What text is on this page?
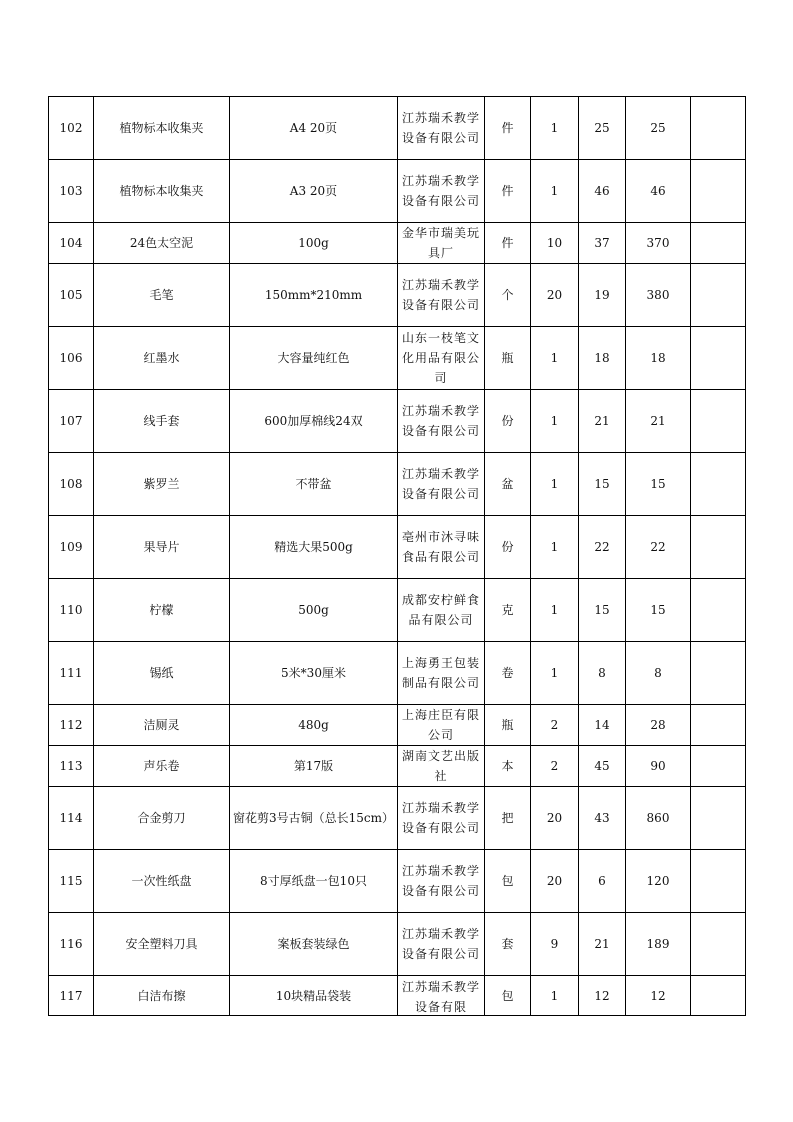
102	植物标本收集夹	A4 20页	江苏瑞禾教学设备有限公司	件	1	25	25	
103	植物标本收集夹	A3 20页	江苏瑞禾教学设备有限公司	件	1	46	46	
104	24色太空泥	100g	金华市瑞美玩具厂	件	10	37	370	
105	毛笔	150mm*210mm	江苏瑞禾教学设备有限公司	个	20	19	380	
106	红墨水	大容量纯红色	山东一枝笔文化用品有限公司	瓶	1	18	18	
107	线手套	600加厚棉线24双	江苏瑞禾教学设备有限公司	份	1	21	21	
108	紫罗兰	不带盆	江苏瑞禾教学设备有限公司	盆	1	15	15	
109	果导片	精选大果500g	亳州市沐寻味食品有限公司	份	1	22	22	
110	柠檬	500g	成都安柠鲜食品有限公司	克	1	15	15	
111	锡纸	5米*30厘米	上海勇王包装制品有限公司	卷	1	8	8	
112	洁厕灵	480g	上海庄臣有限公司	瓶	2	14	28	
113	声乐卷	第17版	湖南文艺出版社	本	2	45	90	
114	合金剪刀	窗花剪3号古铜（总长15cm）	江苏瑞禾教学设备有限公司	把	20	43	860	
115	一次性纸盘	8寸厚纸盘一包10只	江苏瑞禾教学设备有限公司	包	20	6	120	
116	安全塑料刀具	案板套装绿色	江苏瑞禾教学设备有限公司	套	9	21	189	
117	白洁布擦	10块精品袋装	江苏瑞禾教学设备有限	包	1	12	12	
